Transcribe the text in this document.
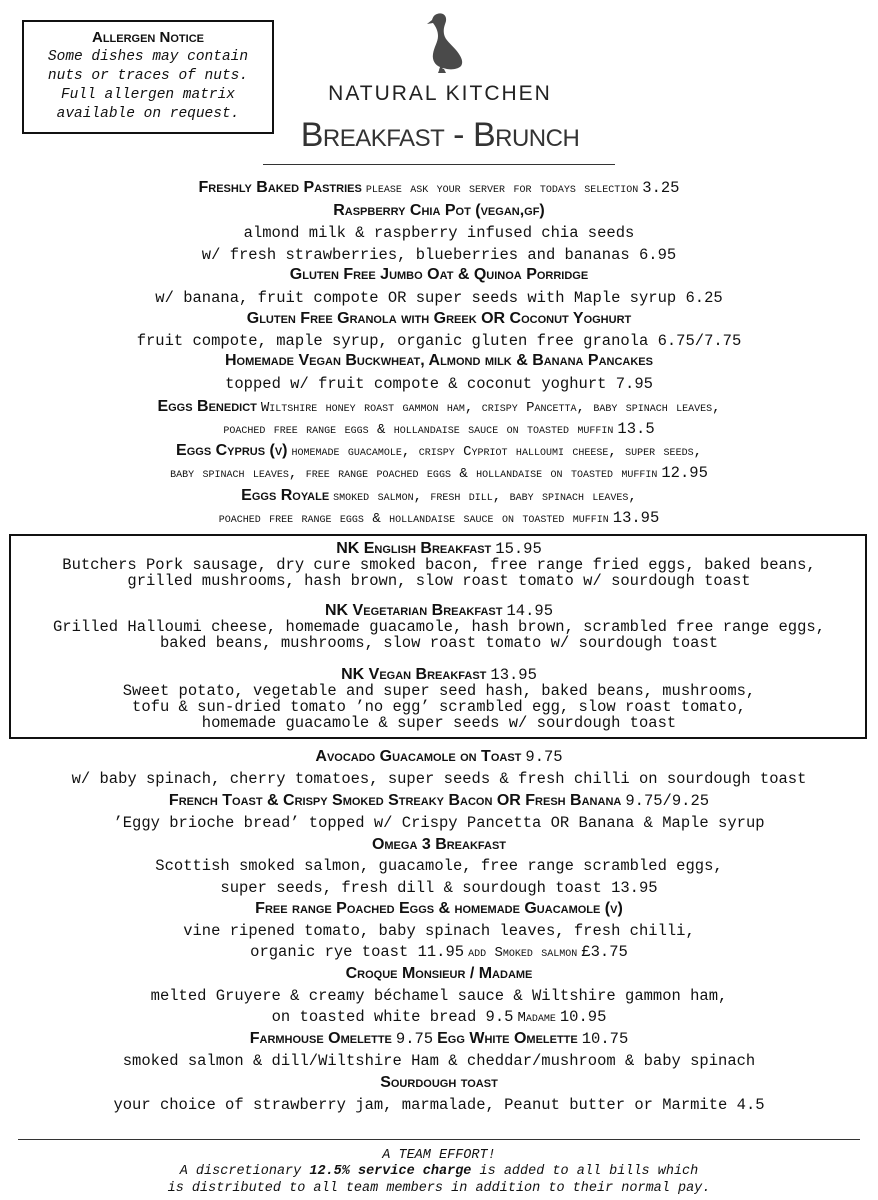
Allergen Notice
Some dishes may contain
nuts or traces of nuts.
Full allergen matrix
available on request.
NATURAL KITCHEN
Breakfast - Brunch
Freshly Baked Pastries please ask your server for todays selection 3.25
Raspberry Chia Pot (vegan,gf)
almond milk & raspberry infused chia seeds
w/ fresh strawberries, blueberries and bananas 6.95
Gluten Free Jumbo Oat & Quinoa Porridge
w/ banana, fruit compote OR super seeds with Maple syrup 6.25
Gluten Free Granola with Greek OR Coconut Yoghurt
fruit compote, maple syrup, organic gluten free granola 6.75/7.75
Homemade Vegan Buckwheat, Almond milk & Banana Pancakes
topped w/ fruit compote & coconut yoghurt 7.95
Eggs Benedict Wiltshire honey roast gammon ham, crispy Pancetta, baby spinach leaves,
poached free range eggs & hollandaise sauce on toasted muffin 13.5
Eggs Cyprus (v) homemade guacamole, crispy Cypriot halloumi cheese, super seeds,
baby spinach leaves, free range poached eggs & hollandaise on toasted muffin 12.95
Eggs Royale smoked salmon, fresh dill, baby spinach leaves,
poached free range eggs & hollandaise sauce on toasted muffin 13.95
NK English Breakfast 15.95
Butchers Pork sausage, dry cure smoked bacon, free range fried eggs, baked beans,
grilled mushrooms, hash brown, slow roast tomato w/ sourdough toast
NK Vegetarian Breakfast 14.95
Grilled Halloumi cheese, homemade guacamole, hash brown, scrambled free range eggs,
baked beans, mushrooms, slow roast tomato w/ sourdough toast
NK Vegan Breakfast 13.95
Sweet potato, vegetable and super seed hash, baked beans, mushrooms,
tofu & sun-dried tomato ’no egg’ scrambled egg, slow roast tomato,
homemade guacamole & super seeds w/ sourdough toast
Avocado Guacamole on Toast 9.75
w/ baby spinach, cherry tomatoes, super seeds & fresh chilli on sourdough toast
French Toast & Crispy Smoked Streaky Bacon OR Fresh Banana 9.75/9.25
’Eggy brioche bread’ topped w/ Crispy Pancetta OR Banana & Maple syrup
Omega 3 Breakfast
Scottish smoked salmon, guacamole, free range scrambled eggs,
super seeds, fresh dill & sourdough toast 13.95
Free range Poached Eggs & homemade Guacamole (v)
vine ripened tomato, baby spinach leaves, fresh chilli,
organic rye toast 11.95 add Smoked salmon £3.75
Croque Monsieur / Madame
melted Gruyere & creamy béchamel sauce & Wiltshire gammon ham,
on toasted white bread 9.5 Madame 10.95
Farmhouse Omelette 9.75 Egg White Omelette 10.75
smoked salmon & dill/Wiltshire Ham & cheddar/mushroom & baby spinach
Sourdough toast
your choice of strawberry jam, marmalade, Peanut butter or Marmite 4.5
A TEAM EFFORT!
A discretionary 12.5% service charge is added to all bills which
is distributed to all team members in addition to their normal pay.
